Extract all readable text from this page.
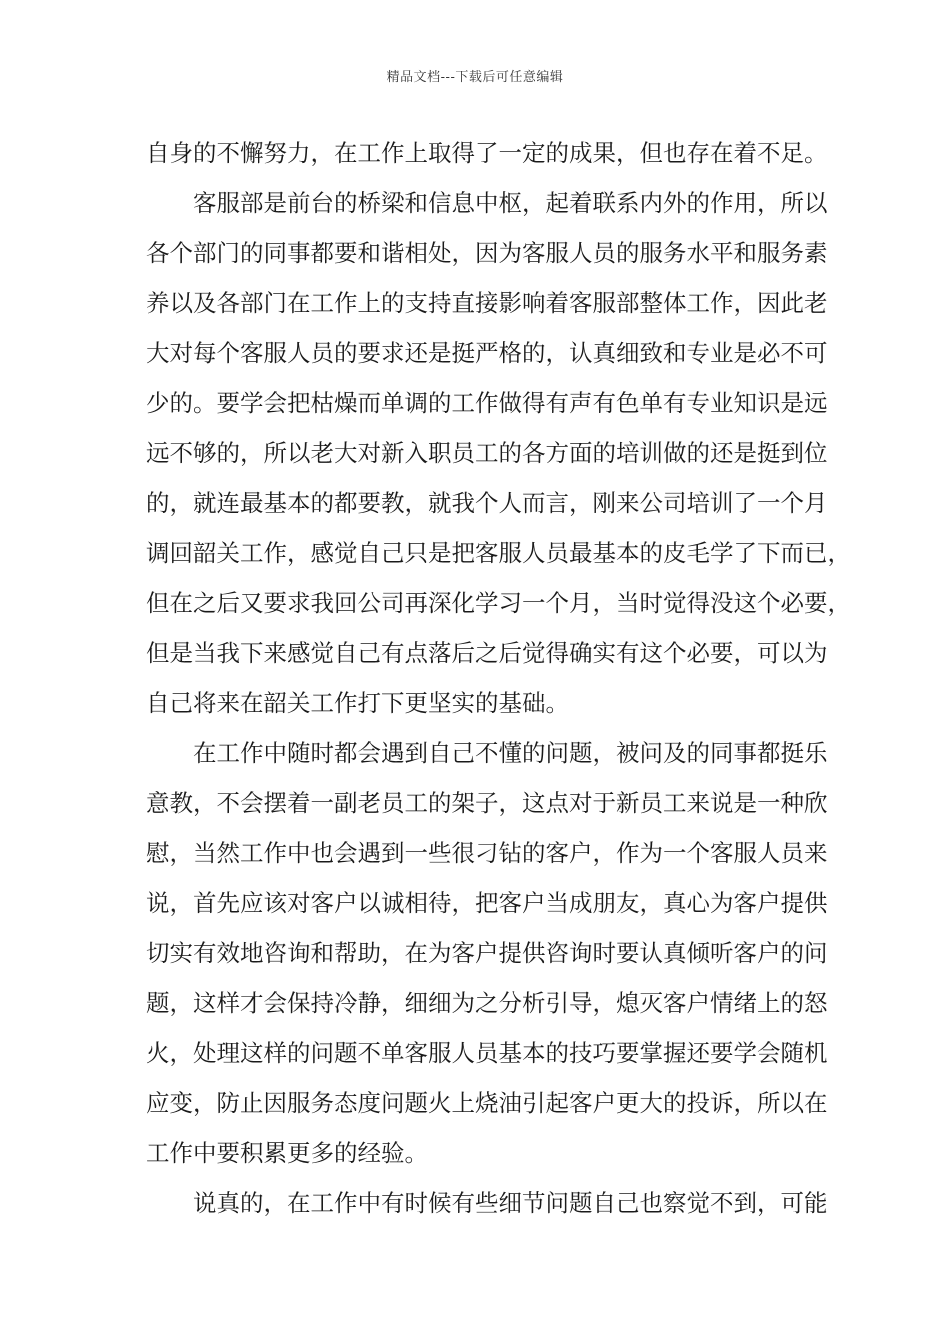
精品文档---下载后可任意编辑
自身的不懈努力，在工作上取得了一定的成果，但也存在着不足。
客服部是前台的桥梁和信息中枢，起着联系内外的作用，所以
各个部门的同事都要和谐相处，因为客服人员的服务水平和服务素
养以及各部门在工作上的支持直接影响着客服部整体工作，因此老
大对每个客服人员的要求还是挺严格的，认真细致和专业是必不可
少的。要学会把枯燥而单调的工作做得有声有色单有专业知识是远
远不够的，所以老大对新入职员工的各方面的培训做的还是挺到位
的，就连最基本的都要教，就我个人而言，刚来公司培训了一个月
调回韶关工作，感觉自己只是把客服人员最基本的皮毛学了下而已，
但在之后又要求我回公司再深化学习一个月，当时觉得没这个必要，
但是当我下来感觉自己有点落后之后觉得确实有这个必要，可以为
自己将来在韶关工作打下更坚实的基础。
在工作中随时都会遇到自己不懂的问题，被问及的同事都挺乐
意教，不会摆着一副老员工的架子，这点对于新员工来说是一种欣
慰，当然工作中也会遇到一些很刁钻的客户，作为一个客服人员来
说，首先应该对客户以诚相待，把客户当成朋友，真心为客户提供
切实有效地咨询和帮助，在为客户提供咨询时要认真倾听客户的问
题，这样才会保持冷静，细细为之分析引导，熄灭客户情绪上的怒
火，处理这样的问题不单客服人员基本的技巧要掌握还要学会随机
应变，防止因服务态度问题火上烧油引起客户更大的投诉，所以在
工作中要积累更多的经验。
说真的，在工作中有时候有些细节问题自己也察觉不到，可能
